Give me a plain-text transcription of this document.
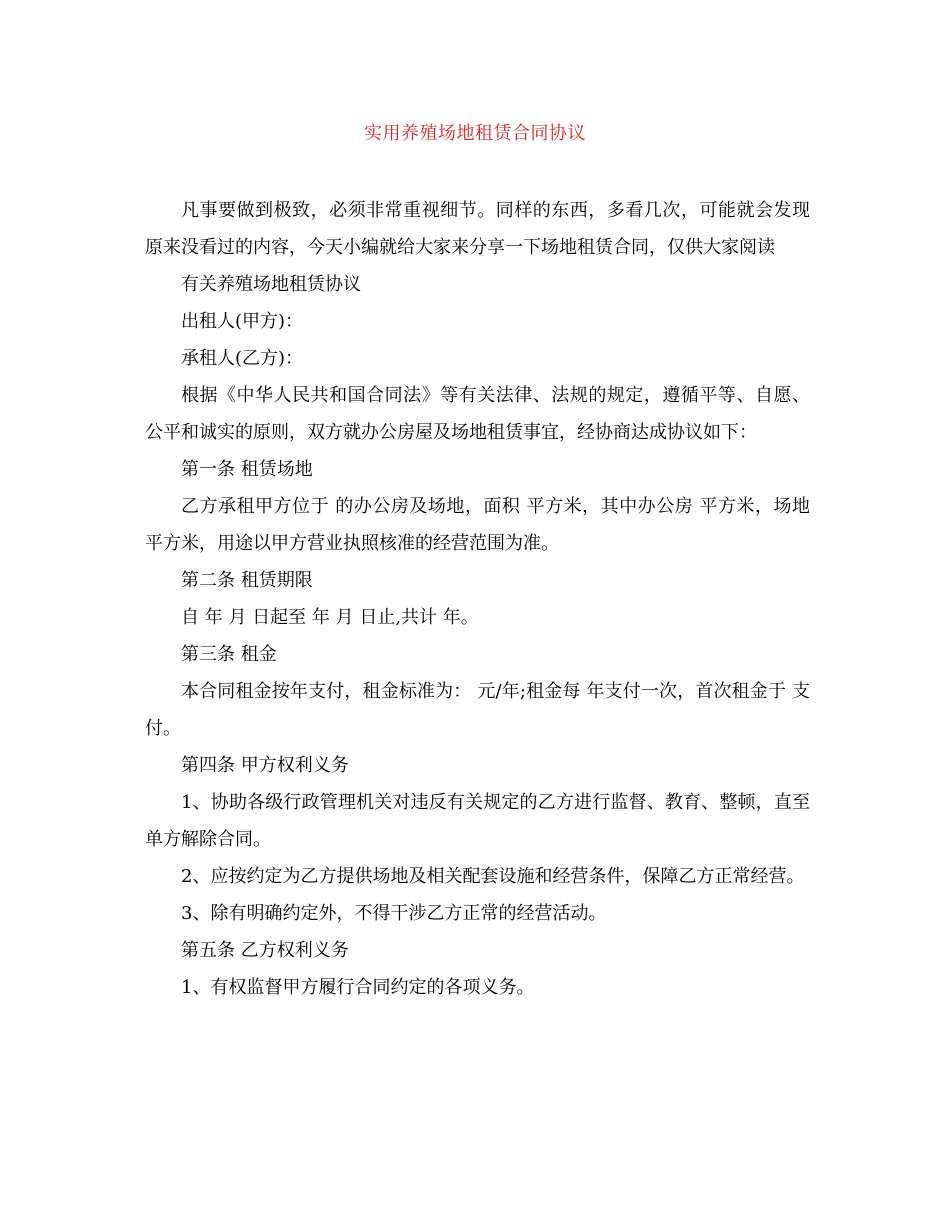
实用养殖场地租赁合同协议

凡事要做到极致，必须非常重视细节。同样的东西，多看几次，可能就会发现原来没看过的内容，今天小编就给大家来分享一下场地租赁合同，仅供大家阅读

有关养殖场地租赁协议

出租人(甲方)：

承租人(乙方)：

根据《中华人民共和国合同法》等有关法律、法规的规定，遵循平等、自愿、公平和诚实的原则，双方就办公房屋及场地租赁事宜，经协商达成协议如下：

第一条 租赁场地

乙方承租甲方位于 的办公房及场地，面积 平方米，其中办公房 平方米，场地 平方米，用途以甲方营业执照核准的经营范围为准。

第二条 租赁期限

自 年 月 日起至 年 月 日止,共计 年。

第三条 租金

本合同租金按年支付，租金标准为： 元/年;租金每 年支付一次，首次租金于 支付。

第四条 甲方权利义务

1、协助各级行政管理机关对违反有关规定的乙方进行监督、教育、整顿，直至单方解除合同。

2、应按约定为乙方提供场地及相关配套设施和经营条件，保障乙方正常经营。

3、除有明确约定外，不得干涉乙方正常的经营活动。

第五条 乙方权利义务

1、有权监督甲方履行合同约定的各项义务。
